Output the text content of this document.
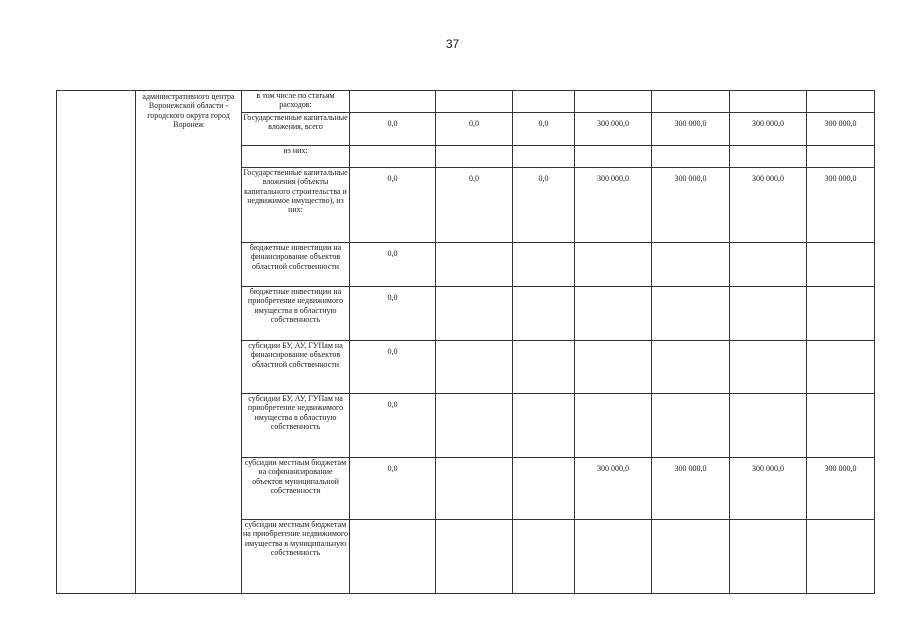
37
	административного центра Воронежской области - городского округа город Воронеж	в том числе по статьям расходов:							
		Государственные капитальные вложения, всего	0,0	0,0	0,0	300 000,0	300 000,0	300 000,0	300 000,0
		из них:							
		Государственные капитальные вложения (объекты капитального строительства и недвижимое имущество), из них:	0,0	0,0	0,0	300 000,0	300 000,0	300 000,0	300 000,0
		бюджетные инвестиции на финансирование объектов областной собственности	0,0						
		бюджетные инвестиции на приобретение недвижимого имущества в областную собственность	0,0						
		субсидии БУ, АУ, ГУПам на финансирование объектов областной собственности	0,0						
		субсидии БУ, АУ, ГУПам на приобретение недвижимого имущества в областную собственность	0,0						
		субсидии местным бюджетам на софинансирование объектов муниципальной собственности	0,0			300 000,0	300 000,0	300 000,0	300 000,0
		субсидии местным бюджетам на приобретение недвижимого имущества в муниципальную собственность							
